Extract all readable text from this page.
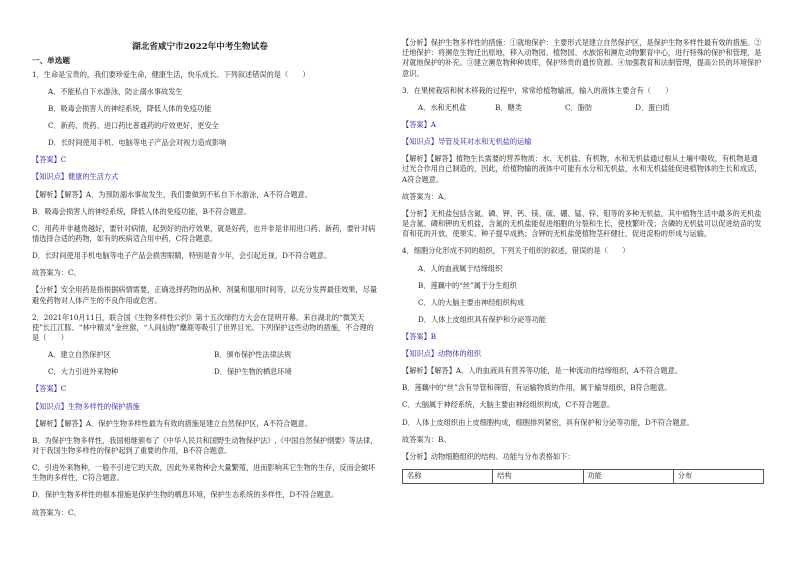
湖北省咸宁市2022年中考生物试卷
一、单选题

1．生命是宝贵的，我们要珍爱生命，健康生活，快乐成长。下列叙述错误的是（　　）

A．不能私自下水游泳，防止溺水事故发生

B．吸毒会损害人的神经系统，降低人体的免疫功能

C．新药、贵药、进口药比普通药的疗效更好，更安全

D．长时间使用手机、电脑等电子产品会对视力造成影响

【答案】C

【知识点】健康的生活方式

【解析】【解答】A．为预防溺水事故发生，我们要做到不私自下水游泳，A不符合题意。

B．吸毒会损害人的神经系统，降低人体的免疫功能，B不符合题意。

C．用药并非越贵越好，要针对病情，起到好的治疗效果，就是好药，也并非是非用进口药、新药，要针对病情选择合适的药物，如有的疾病适合用中药，C符合题意。

D．长时间使用手机电脑等电子产品会损害眼睛，特别是青少年，会引起近视，D不符合题意。

故答案为：C。

【分析】安全用药是指根据病情需要，正确选择药物的品种、剂量和服用时间等，以充分发挥最佳效果，尽量避免药物对人体产生的不良作用或危害。

2．2021年10月11日，联合国《生物多样性公约》第十五次缔约方大会在昆明开幕。来自湖北的“微笑天使”长江江豚、“林中精灵”金丝猴，“人间仙物”麋鹿等吸引了世界目光。下列保护这些动物的措施，不合理的是（　　）

A．建立自然保护区	B．颁布保护性法律法规
C．大力引进外来物种	D．保护生物的栖息环境

【答案】C

【知识点】生物多样性的保护措施

【解析】【解答】A．保护生物多样性最为有效的措施是建立自然保护区，A不符合题意。

B．为保护生物多样性，我国相继颁布了《中华人民共和国野生动物保护法》,《中国自然保护纲要》等法律，对于我国生物多样性的保护起到了重要的作用，B不符合题意。

C．引进外来物种，一般不引进它的天敌，因此外来物种会大量繁殖，进而影响其它生物的生存，反而会破坏生物的多样性，C符合题意。

D．保护生物多样性的根本措施是保护生物的栖息环境，保护生态系统的多样性，D不符合题意。

故答案为：C。

【分析】保护生物多样性的措施：①就地保护：主要形式是建立自然保护区，是保护生物多样性最有效的措施。②迁地保护：将濒危生物迁出原地，移入动物园、植物园、水族馆和濒危动物繁育中心，进行特殊的保护和管理，是对就地保护的补充。③建立濒危物种种质库，保护珍贵的遗传资源。④加强教育和法制管理，提高公民的环境保护意识。

3．在果树栽培和树木移栽的过程中，常常给植物输液，输入的液体主要含有（　　）

A．水和无机盐　　　　B．糖类　　　　　　C．脂肪　　　　　　D．蛋白质

【答案】A

【知识点】导管及其对水和无机盐的运输

【解析】【解答】植物生长需要的营养物质：水、无机盐、有机物，水和无机盐通过根从土壤中吸收，有机物是通过光合作用自己制造的，因此，给植物输的液体中可能有水分和无机盐，水和无机盐能促进植物体的生长和成活，A符合题意。

故答案为：A。

【分析】无机盐包括含氮、磷、钾、钙、镁、硫、硼、锰、锌、钼等的多种无机盐，其中植物生活中最多的无机盐是含氮、磷和钾的无机盐，含氮的无机盐能促进细胞的分裂和生长，使枝繁叶茂；含磷的无机盐可以促进幼苗的发育和花的开放，使果实、种子提早成熟；含钾的无机盐使植物茎秆健壮，促进淀粉的形成与运输。

4．细胞分化形成不同的组织，下列关于组织的叙述，错误的是（　　）

A．人的血液属于结缔组织

B．莲藕中的“丝”属于分生组织

C．人的大脑主要由神经组织构成

D．人体上皮组织具有保护和分泌等功能

【答案】B

【知识点】动物体的组织

【解析】【解答】A．人的血液具有营养等功能，是一种流动的结缔组织，A不符合题意。

B．莲藕中的“丝”含有导管和筛管，有运输物质的作用，属于输导组织，B符合题意。

C．大脑属于神经系统，大脑主要由神经组织构成，C不符合题意。

D．人体上皮组织由上皮细胞构成，细胞排列紧密，具有保护和分泌等功能，D不符合题意。

故答案为：B。

【分析】动物细胞组织的结构、功能与分布表格如下：

名称	结构	功能	分布
